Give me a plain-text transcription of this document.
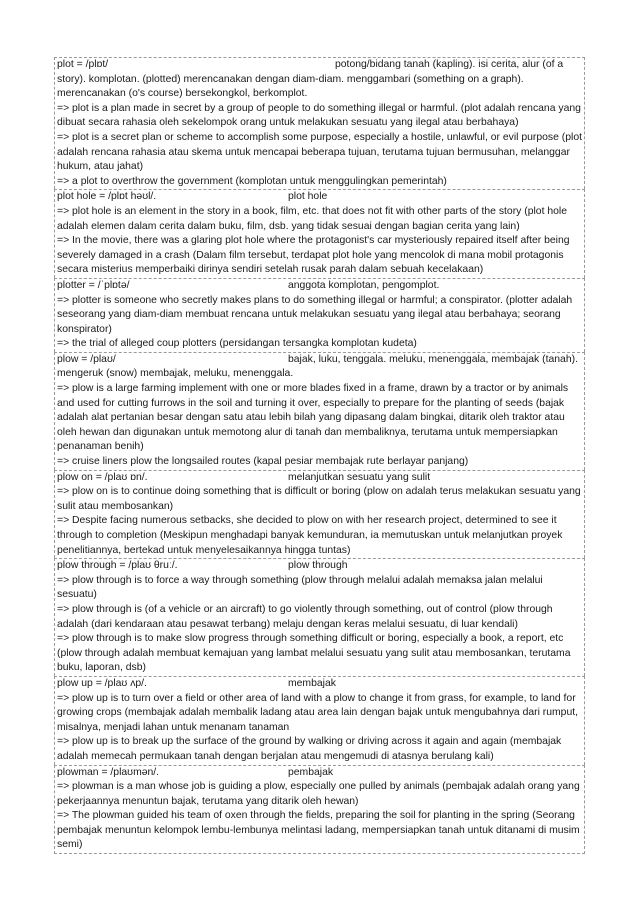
plot = /plɒt/	potong/bidang tanah (kapling). isi cerita, alur (of a

story). komplotan. (plotted) merencanakan dengan diam-diam. menggambari (something on a graph). merencanakan (o's course) bersekongkol, berkomplot.

=> plot is a plan made in secret by a group of people to do something illegal or harmful. (plot adalah rencana yang dibuat secara rahasia oleh sekelompok orang untuk melakukan sesuatu yang ilegal atau berbahaya)

=> plot is a secret plan or scheme to accomplish some purpose, especially a hostile, unlawful, or evil purpose (plot adalah rencana rahasia atau skema untuk mencapai beberapa tujuan, terutama tujuan bermusuhan, melanggar hukum, atau jahat)

=> a plot to overthrow the government (komplotan untuk menggulingkan pemerintah)

plot hole = /plɒt həʊl/.	plot hole

=> plot hole is an element in the story in a book, film, etc. that does not fit with other parts of the story (plot hole adalah elemen dalam cerita dalam buku, film, dsb. yang tidak sesuai dengan bagian cerita yang lain)

=> In the movie, there was a glaring plot hole where the protagonist's car mysteriously repaired itself after being severely damaged in a crash (Dalam film tersebut, terdapat plot hole yang mencolok di mana mobil protagonis secara misterius memperbaiki dirinya sendiri setelah rusak parah dalam sebuah kecelakaan)

plotter = /ˈplɒtə/	anggota komplotan, pengomplot.

=> plotter is someone who secretly makes plans to do something illegal or harmful; a conspirator. (plotter adalah seseorang yang diam-diam membuat rencana untuk melakukan sesuatu yang ilegal atau berbahaya; seorang konspirator)

=> the trial of alleged coup plotters (persidangan tersangka komplotan kudeta)

plow = /plaʊ/	bajak, luku, tenggala. meluku, menenggala, membajak (tanah).

mengeruk (snow) membajak, meluku, menenggala.

=> plow is a large farming implement with one or more blades fixed in a frame, drawn by a tractor or by animals and used for cutting furrows in the soil and turning it over, especially to prepare for the planting of seeds (bajak adalah alat pertanian besar dengan satu atau lebih bilah yang dipasang dalam bingkai, ditarik oleh traktor atau oleh hewan dan digunakan untuk memotong alur di tanah dan membaliknya, terutama untuk mempersiapkan penanaman benih)

=> cruise liners plow the longsailed routes (kapal pesiar membajak rute berlayar panjang)

plow on = /plaʊ ɒn/.	melanjutkan sesuatu yang sulit

=> plow on is to continue doing something that is difficult or boring (plow on adalah terus melakukan sesuatu yang sulit atau membosankan)

=> Despite facing numerous setbacks, she decided to plow on with her research project, determined to see it through to completion (Meskipun menghadapi banyak kemunduran, ia memutuskan untuk melanjutkan proyek penelitiannya, bertekad untuk menyelesaikannya hingga tuntas)

plow through = /plaʊ θruː/.	plow through

=> plow through is to force a way through something (plow through melalui adalah memaksa jalan melalui sesuatu)

=> plow through is (of a vehicle or an aircraft) to go violently through something, out of control (plow through adalah (dari kendaraan atau pesawat terbang) melaju dengan keras melalui sesuatu, di luar kendali)

=> plow through is to make slow progress through something difficult or boring, especially a book, a report, etc (plow through adalah membuat kemajuan yang lambat melalui sesuatu yang sulit atau membosankan, terutama buku, laporan, dsb)

plow up = /plaʊ ʌp/.	membajak

=> plow up is to turn over a field or other area of land with a plow to change it from grass, for example, to land for growing crops (membajak adalah membalik ladang atau area lain dengan bajak untuk mengubahnya dari rumput, misalnya, menjadi lahan untuk menanam tanaman

=> plow up is to break up the surface of the ground by walking or driving across it again and again (membajak adalah memecah permukaan tanah dengan berjalan atau mengemudi di atasnya berulang kali)

plowman = /plaʊmən/.	pembajak

=> plowman is a man whose job is guiding a plow, especially one pulled by animals (pembajak adalah orang yang pekerjaannya menuntun bajak, terutama yang ditarik oleh hewan)

=> The plowman guided his team of oxen through the fields, preparing the soil for planting in the spring (Seorang pembajak menuntun kelompok lembu-lembunya melintasi ladang, mempersiapkan tanah untuk ditanami di musim semi)
